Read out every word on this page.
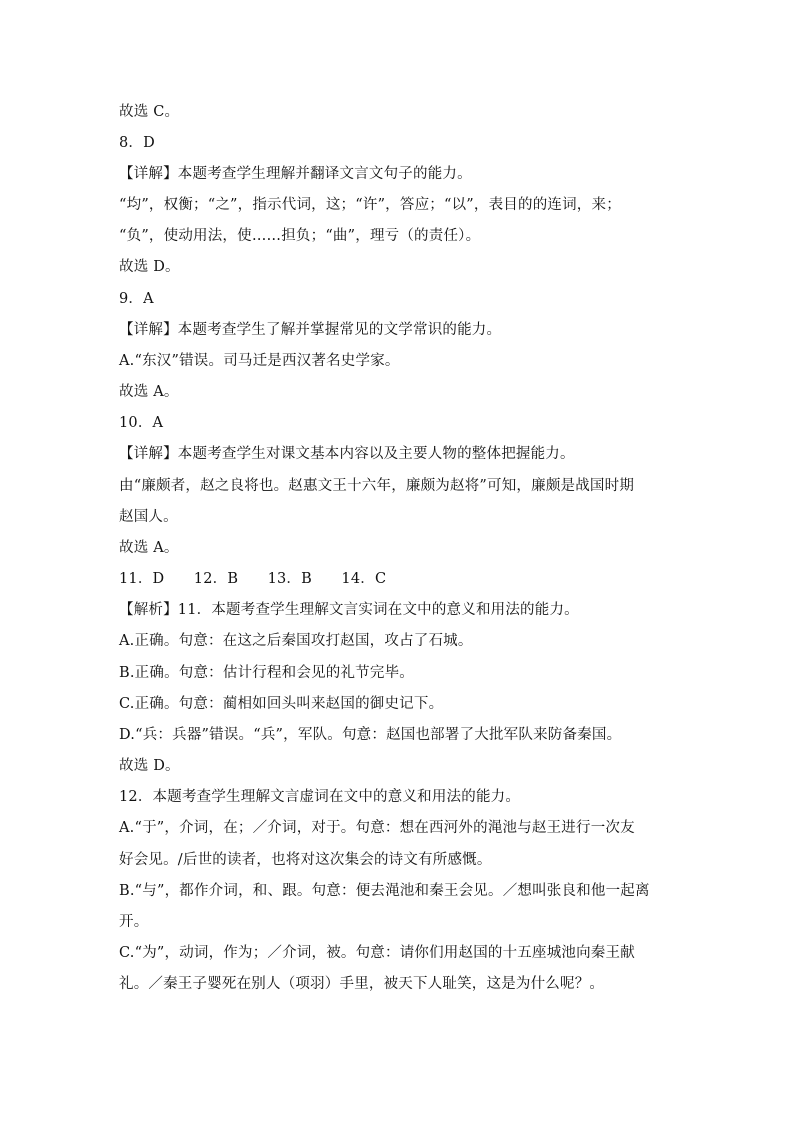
故选 C。
8．D
【详解】本题考查学生理解并翻译文言文句子的能力。
“均”，权衡；“之”，指示代词，这；“许”，答应；“以”，表目的的连词，来；
“负”，使动用法，使……担负；“曲”，理亏（的责任）。
故选 D。
9．A
【详解】本题考查学生了解并掌握常见的文学常识的能力。
A.“东汉”错误。司马迁是西汉著名史学家。
故选 A。
10．A
【详解】本题考查学生对课文基本内容以及主要人物的整体把握能力。
由“廉颇者，赵之良将也。赵惠文王十六年，廉颇为赵将”可知，廉颇是战国时期
赵国人。
故选 A。
11．D　　12．B　　13．B　　14．C
【解析】11．本题考查学生理解文言实词在文中的意义和用法的能力。
A.正确。句意：在这之后秦国攻打赵国，攻占了石城。
B.正确。句意：估计行程和会见的礼节完毕。
C.正确。句意：蔺相如回头叫来赵国的御史记下。
D.“兵：兵器”错误。“兵”，军队。句意：赵国也部署了大批军队来防备秦国。
故选 D。
12．本题考查学生理解文言虚词在文中的意义和用法的能力。
A.“于”，介词，在；／介词，对于。句意：想在西河外的渑池与赵王进行一次友
好会见。/后世的读者，也将对这次集会的诗文有所感慨。
B.“与”，都作介词，和、跟。句意：便去渑池和秦王会见。／想叫张良和他一起离
开。
C.“为”，动词，作为；／介词，被。句意：请你们用赵国的十五座城池向秦王献
礼。／秦王子婴死在别人（项羽）手里，被天下人耻笑，这是为什么呢？。
